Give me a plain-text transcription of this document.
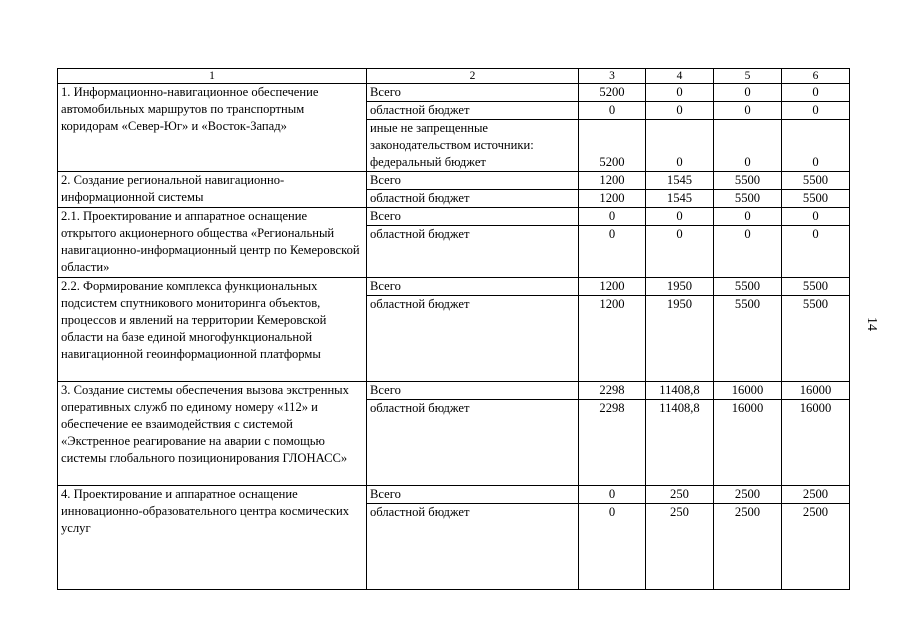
1	2	3	4	5	6
1. Информационно-навигационное обеспечение автомобильных маршрутов по транспортным коридорам «Север-Юг» и «Восток-Запад»	Всего	5200	0	0	0
	областной бюджет	0	0	0	0
	иные не запрещенные законодательством источники: федеральный бюджет	5200	0	0	0
2. Создание региональной навигационно-информационной системы	Всего	1200	1545	5500	5500
	областной бюджет	1200	1545	5500	5500
2.1. Проектирование и аппаратное оснащение открытого акционерного общества «Региональный навигационно-информационный центр по Кемеровской области»	Всего	0	0	0	0
	областной бюджет	0	0	0	0
2.2. Формирование комплекса функциональных подсистем спутникового мониторинга объектов, процессов и явлений на территории Кемеровской области на базе единой многофункциональной навигационной геоинформационной платформы	Всего	1200	1950	5500	5500
	областной бюджет	1200	1950	5500	5500
3. Создание системы обеспечения вызова экстренных оперативных служб по единому номеру «112» и обеспечение ее взаимодействия с системой «Экстренное реагирование на аварии с помощью системы глобального позиционирования ГЛОНАСС»	Всего	2298	11408,8	16000	16000
	областной бюджет	2298	11408,8	16000	16000
4. Проектирование и аппаратное оснащение инновационно-образовательного центра космических услуг	Всего	0	250	2500	2500
	областной бюджет	0	250	2500	2500
14
